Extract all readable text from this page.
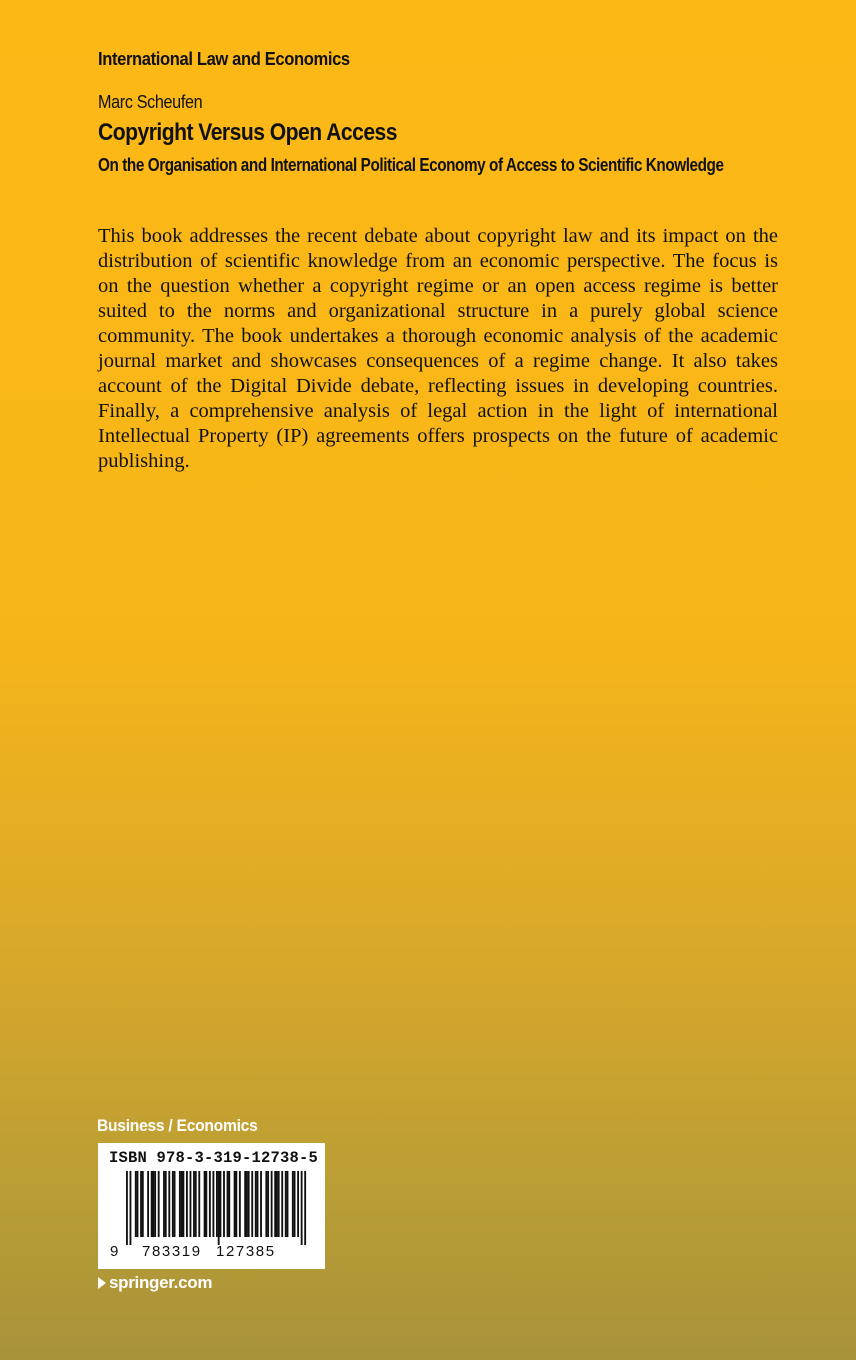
International Law and Economics
Marc Scheufen
Copyright Versus Open Access
On the Organisation and International Political Economy of Access to Scientific Knowledge

This book addresses the recent debate about copyright law and its impact on the distribution of scientific knowledge from an economic perspective. The focus is on the question whether a copyright regime or an open access regime is better suited to the norms and organizational structure in a purely global science community. The book undertakes a thorough economic analysis of the academic journal market and showcases consequences of a regime change. It also takes account of the Digital Divide debate, reflecting issues in developing countries. Finally, a comprehensive analysis of legal action in the light of international Intellectual Property (IP) agreements offers prospects on the future of academic publishing.

Business / Economics
ISBN 978-3-319-12738-5
9 783319 127385
springer.com
